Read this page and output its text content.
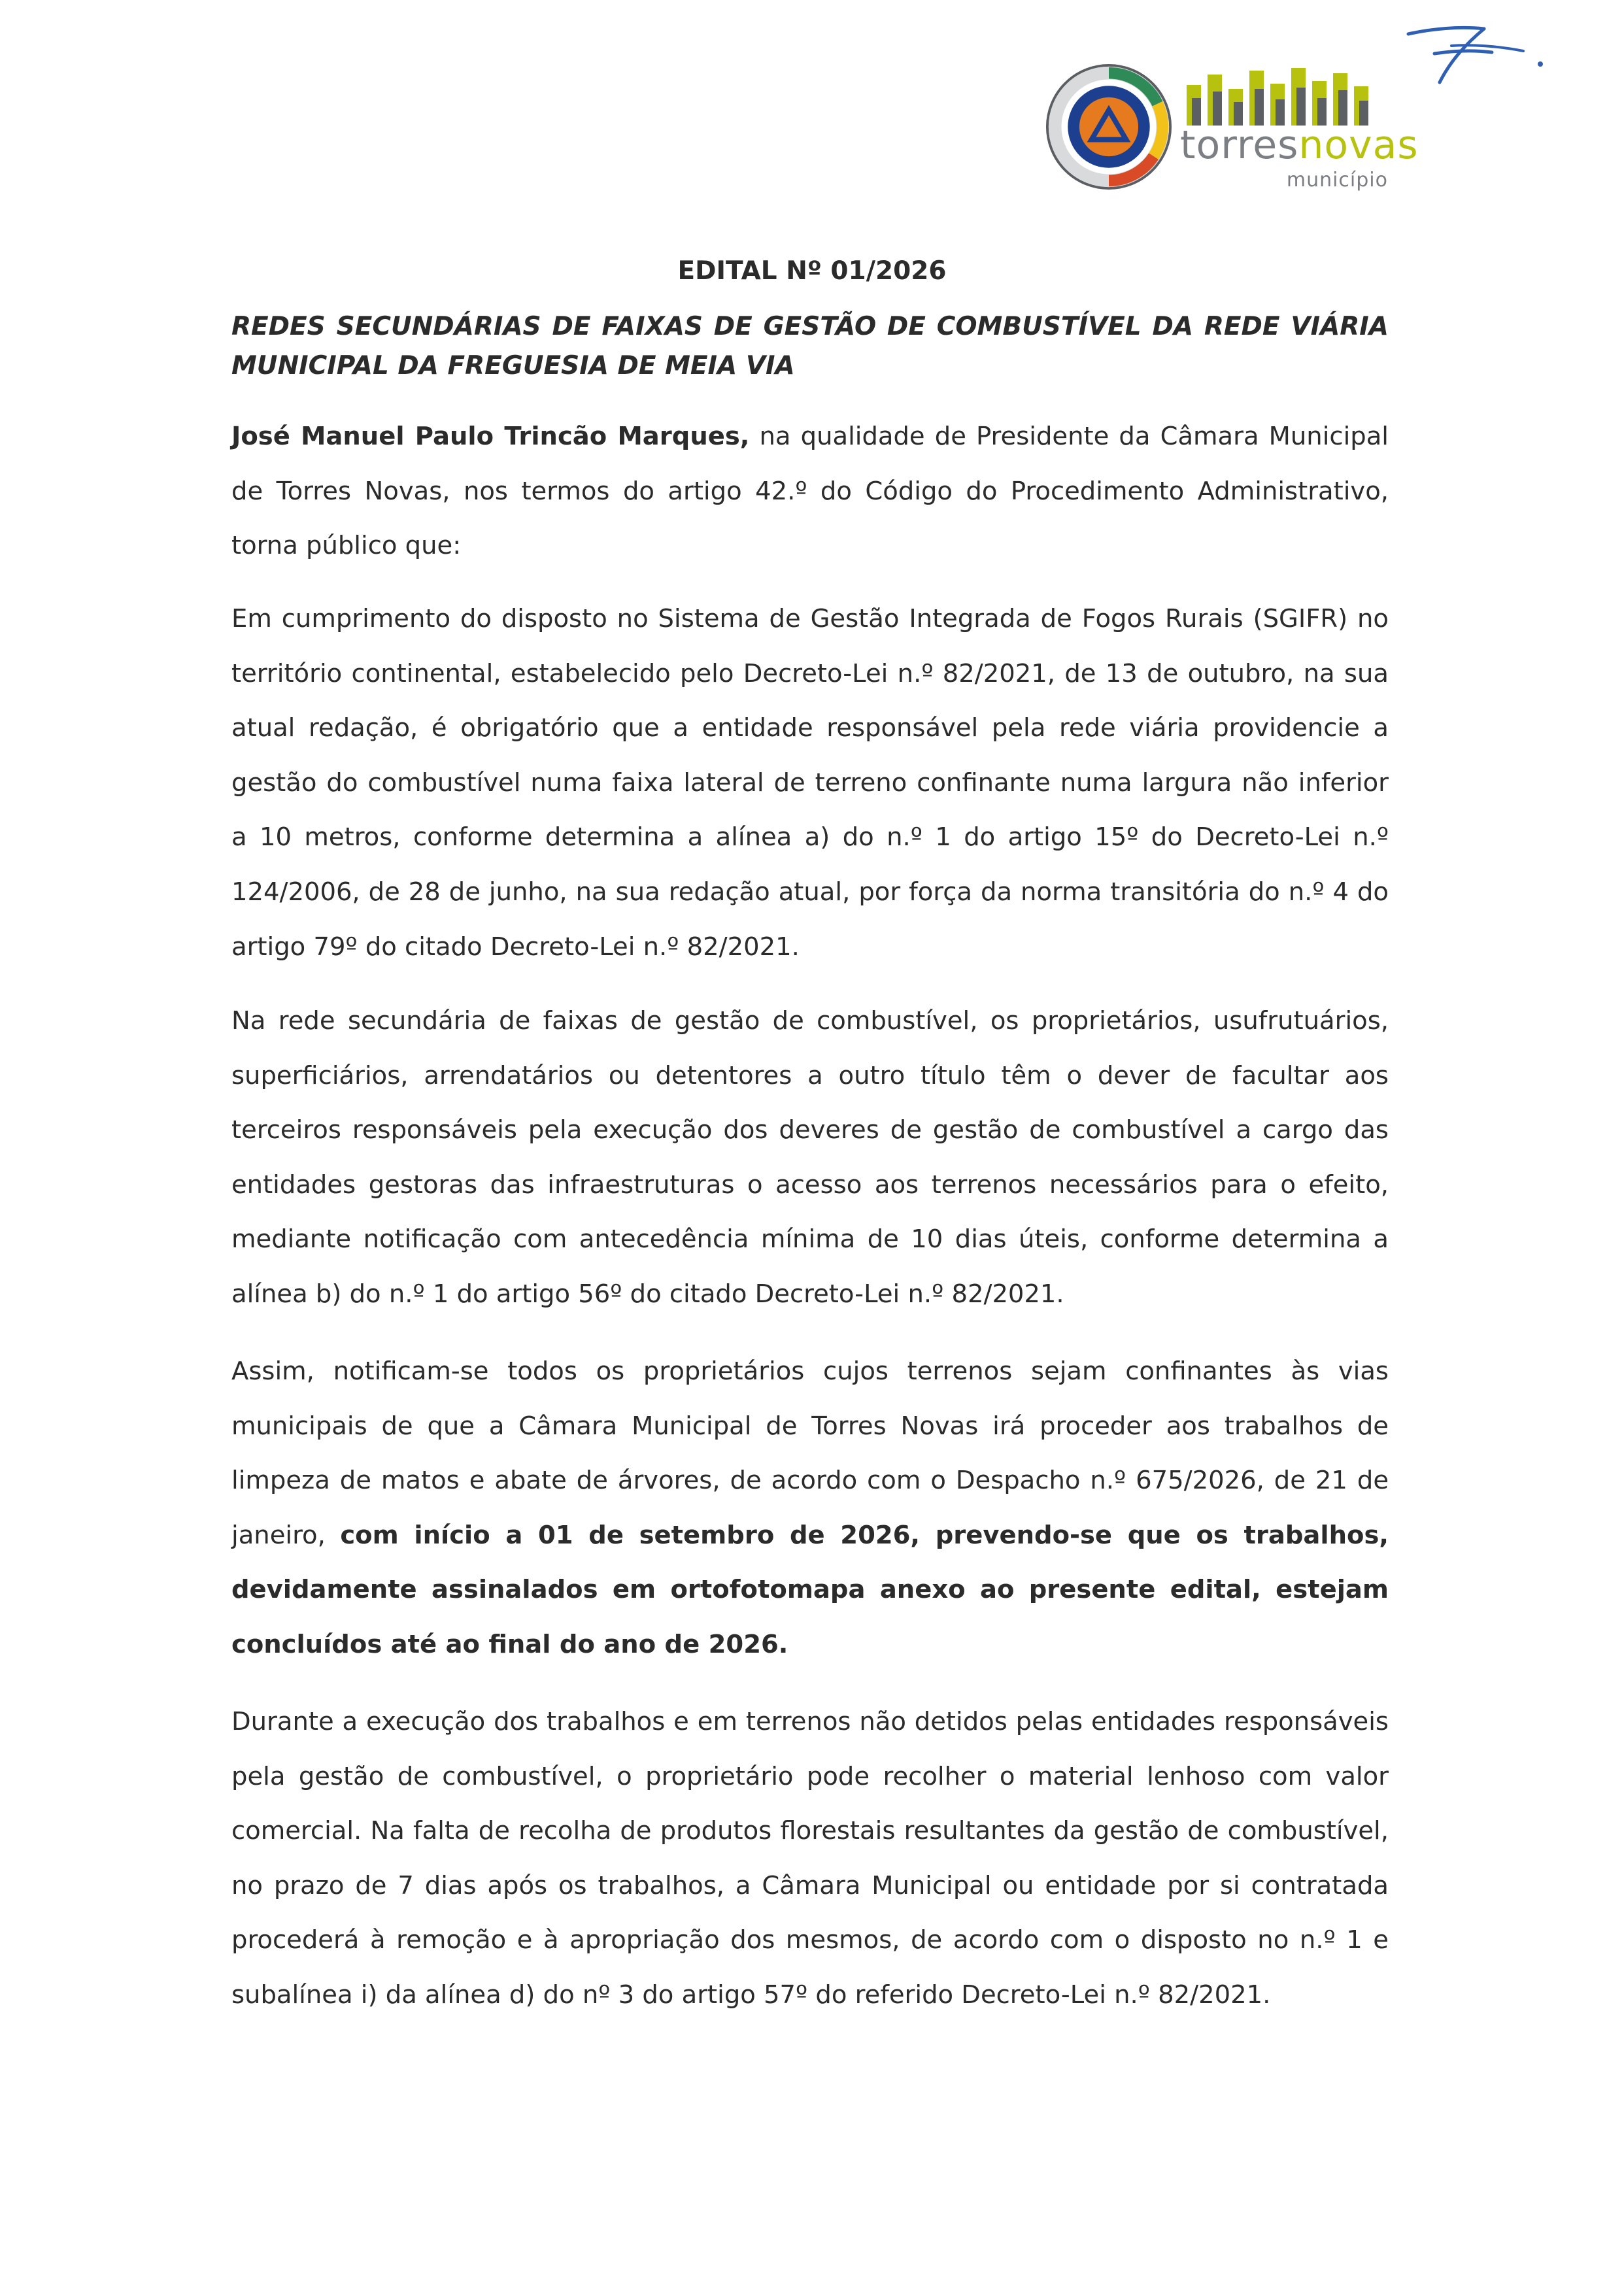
torresnovas
município
EDITAL Nº 01/2026
REDES SECUNDÁRIAS DE FAIXAS DE GESTÃO DE COMBUSTÍVEL DA REDE VIÁRIA MUNICIPAL DA FREGUESIA DE MEIA VIA
José Manuel Paulo Trincão Marques, na qualidade de Presidente da Câmara Municipal de Torres Novas, nos termos do artigo 42.º do Código do Procedimento Administrativo, torna público que:
Em cumprimento do disposto no Sistema de Gestão Integrada de Fogos Rurais (SGIFR) no território continental, estabelecido pelo Decreto-Lei n.º 82/2021, de 13 de outubro, na sua atual redação, é obrigatório que a entidade responsável pela rede viária providencie a gestão do combustível numa faixa lateral de terreno confinante numa largura não inferior a 10 metros, conforme determina a alínea a) do n.º 1 do artigo 15º do Decreto-Lei n.º 124/2006, de 28 de junho, na sua redação atual, por força da norma transitória do n.º 4 do artigo 79º do citado Decreto-Lei n.º 82/2021.
Na rede secundária de faixas de gestão de combustível, os proprietários, usufrutuários, superficiários, arrendatários ou detentores a outro título têm o dever de facultar aos terceiros responsáveis pela execução dos deveres de gestão de combustível a cargo das entidades gestoras das infraestruturas o acesso aos terrenos necessários para o efeito, mediante notificação com antecedência mínima de 10 dias úteis, conforme determina a alínea b) do n.º 1 do artigo 56º do citado Decreto-Lei n.º 82/2021.
Assim, notificam-se todos os proprietários cujos terrenos sejam confinantes às vias municipais de que a Câmara Municipal de Torres Novas irá proceder aos trabalhos de limpeza de matos e abate de árvores, de acordo com o Despacho n.º 675/2026, de 21 de janeiro, com início a 01 de setembro de 2026, prevendo-se que os trabalhos, devidamente assinalados em ortofotomapa anexo ao presente edital, estejam concluídos até ao final do ano de 2026.
Durante a execução dos trabalhos e em terrenos não detidos pelas entidades responsáveis pela gestão de combustível, o proprietário pode recolher o material lenhoso com valor comercial. Na falta de recolha de produtos florestais resultantes da gestão de combustível, no prazo de 7 dias após os trabalhos, a Câmara Municipal ou entidade por si contratada procederá à remoção e à apropriação dos mesmos, de acordo com o disposto no n.º 1 e subalínea i) da alínea d) do nº 3 do artigo 57º do referido Decreto-Lei n.º 82/2021.
